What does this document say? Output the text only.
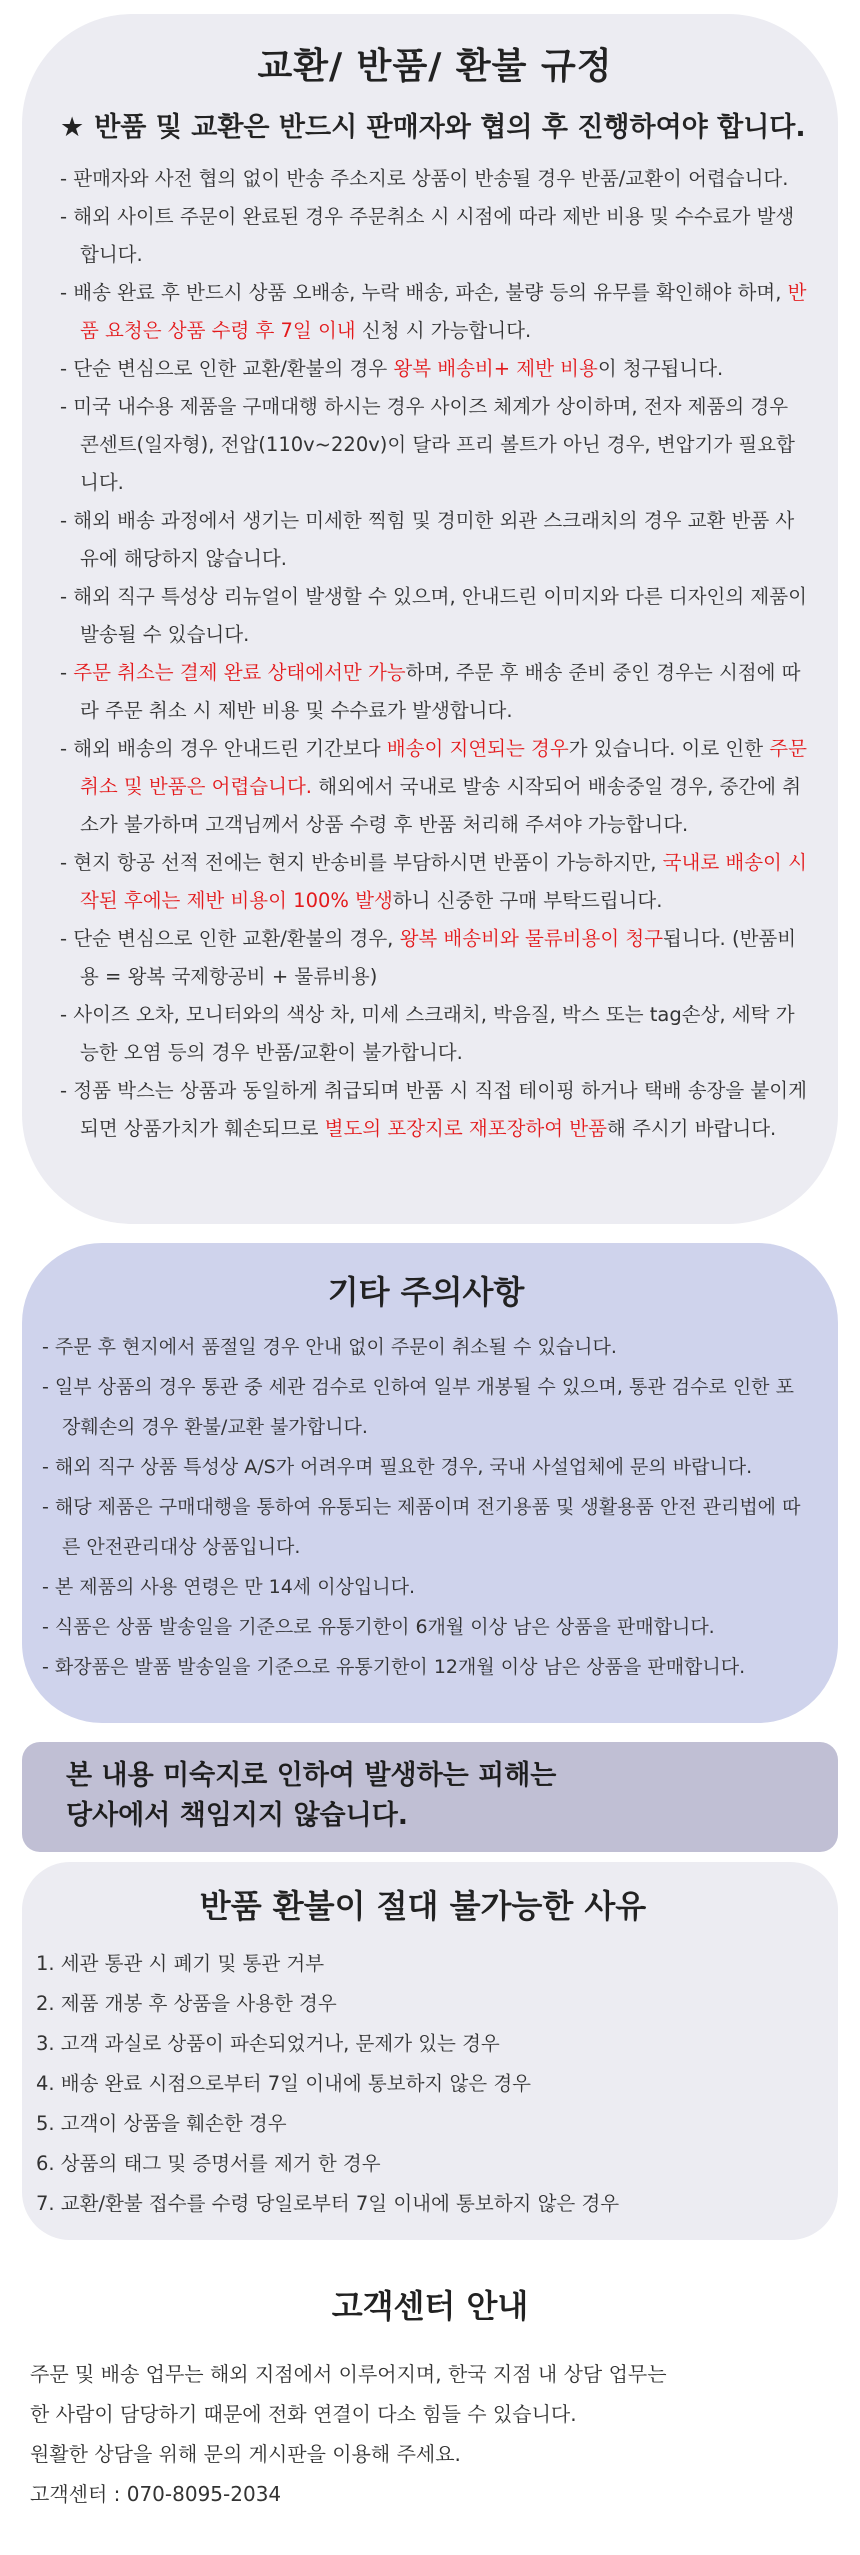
교환/ 반품/ 환불 규정
★ 반품 및 교환은 반드시 판매자와 협의 후 진행하여야 합니다.
- 판매자와 사전 협의 없이 반송 주소지로 상품이 반송될 경우 반품/교환이 어렵습니다.
- 해외 사이트 주문이 완료된 경우 주문취소 시 시점에 따라 제반 비용 및 수수료가 발생합니다.
- 배송 완료 후 반드시 상품 오배송, 누락 배송, 파손, 불량 등의 유무를 확인해야 하며, 반품 요청은 상품 수령 후 7일 이내 신청 시 가능합니다.
- 단순 변심으로 인한 교환/환불의 경우 왕복 배송비+ 제반 비용이 청구됩니다.
- 미국 내수용 제품을 구매대행 하시는 경우 사이즈 체계가 상이하며, 전자 제품의 경우 콘센트(일자형), 전압(110v~220v)이 달라 프리 볼트가 아닌 경우, 변압기가 필요합니다.
- 해외 배송 과정에서 생기는 미세한 찍힘 및 경미한 외관 스크래치의 경우 교환 반품 사유에 해당하지 않습니다.
- 해외 직구 특성상 리뉴얼이 발생할 수 있으며, 안내드린 이미지와 다른 디자인의 제품이 발송될 수 있습니다.
- 주문 취소는 결제 완료 상태에서만 가능하며, 주문 후 배송 준비 중인 경우는 시점에 따라 주문 취소 시 제반 비용 및 수수료가 발생합니다.
- 해외 배송의 경우 안내드린 기간보다 배송이 지연되는 경우가 있습니다. 이로 인한 주문 취소 및 반품은 어렵습니다. 해외에서 국내로 발송 시작되어 배송중일 경우, 중간에 취소가 불가하며 고객님께서 상품 수령 후 반품 처리해 주셔야 가능합니다.
- 현지 항공 선적 전에는 현지 반송비를 부담하시면 반품이 가능하지만, 국내로 배송이 시작된 후에는 제반 비용이 100% 발생하니 신중한 구매 부탁드립니다.
- 단순 변심으로 인한 교환/환불의 경우, 왕복 배송비와 물류비용이 청구됩니다. (반품비용 = 왕복 국제항공비 + 물류비용)
- 사이즈 오차, 모니터와의 색상 차, 미세 스크래치, 박음질, 박스 또는 tag손상, 세탁 가능한 오염 등의 경우 반품/교환이 불가합니다.
- 정품 박스는 상품과 동일하게 취급되며 반품 시 직접 테이핑 하거나 택배 송장을 붙이게 되면 상품가치가 훼손되므로 별도의 포장지로 재포장하여 반품해 주시기 바랍니다.
기타 주의사항
- 주문 후 현지에서 품절일 경우 안내 없이 주문이 취소될 수 있습니다.
- 일부 상품의 경우 통관 중 세관 검수로 인하여 일부 개봉될 수 있으며, 통관 검수로 인한 포장훼손의 경우 환불/교환 불가합니다.
- 해외 직구 상품 특성상 A/S가 어려우며 필요한 경우, 국내 사설업체에 문의 바랍니다.
- 해당 제품은 구매대행을 통하여 유통되는 제품이며 전기용품 및 생활용품 안전 관리법에 따른 안전관리대상 상품입니다.
- 본 제품의 사용 연령은 만 14세 이상입니다.
- 식품은 상품 발송일을 기준으로 유통기한이 6개월 이상 남은 상품을 판매합니다.
- 화장품은 발품 발송일을 기준으로 유통기한이 12개월 이상 남은 상품을 판매합니다.
본 내용 미숙지로 인하여 발생하는 피해는
당사에서 책임지지 않습니다.
반품 환불이 절대 불가능한 사유
1. 세관 통관 시 폐기 및 통관 거부
2. 제품 개봉 후 상품을 사용한 경우
3. 고객 과실로 상품이 파손되었거나, 문제가 있는 경우
4. 배송 완료 시점으로부터 7일 이내에 통보하지 않은 경우
5. 고객이 상품을 훼손한 경우
6. 상품의 태그 및 증명서를 제거 한 경우
7. 교환/환불 접수를 수령 당일로부터 7일 이내에 통보하지 않은 경우
고객센터 안내
주문 및 배송 업무는 해외 지점에서 이루어지며, 한국 지점 내 상담 업무는
한 사람이 담당하기 때문에 전화 연결이 다소 힘들 수 있습니다.
원활한 상담을 위해 문의 게시판을 이용해 주세요.
고객센터 : 070-8095-2034
